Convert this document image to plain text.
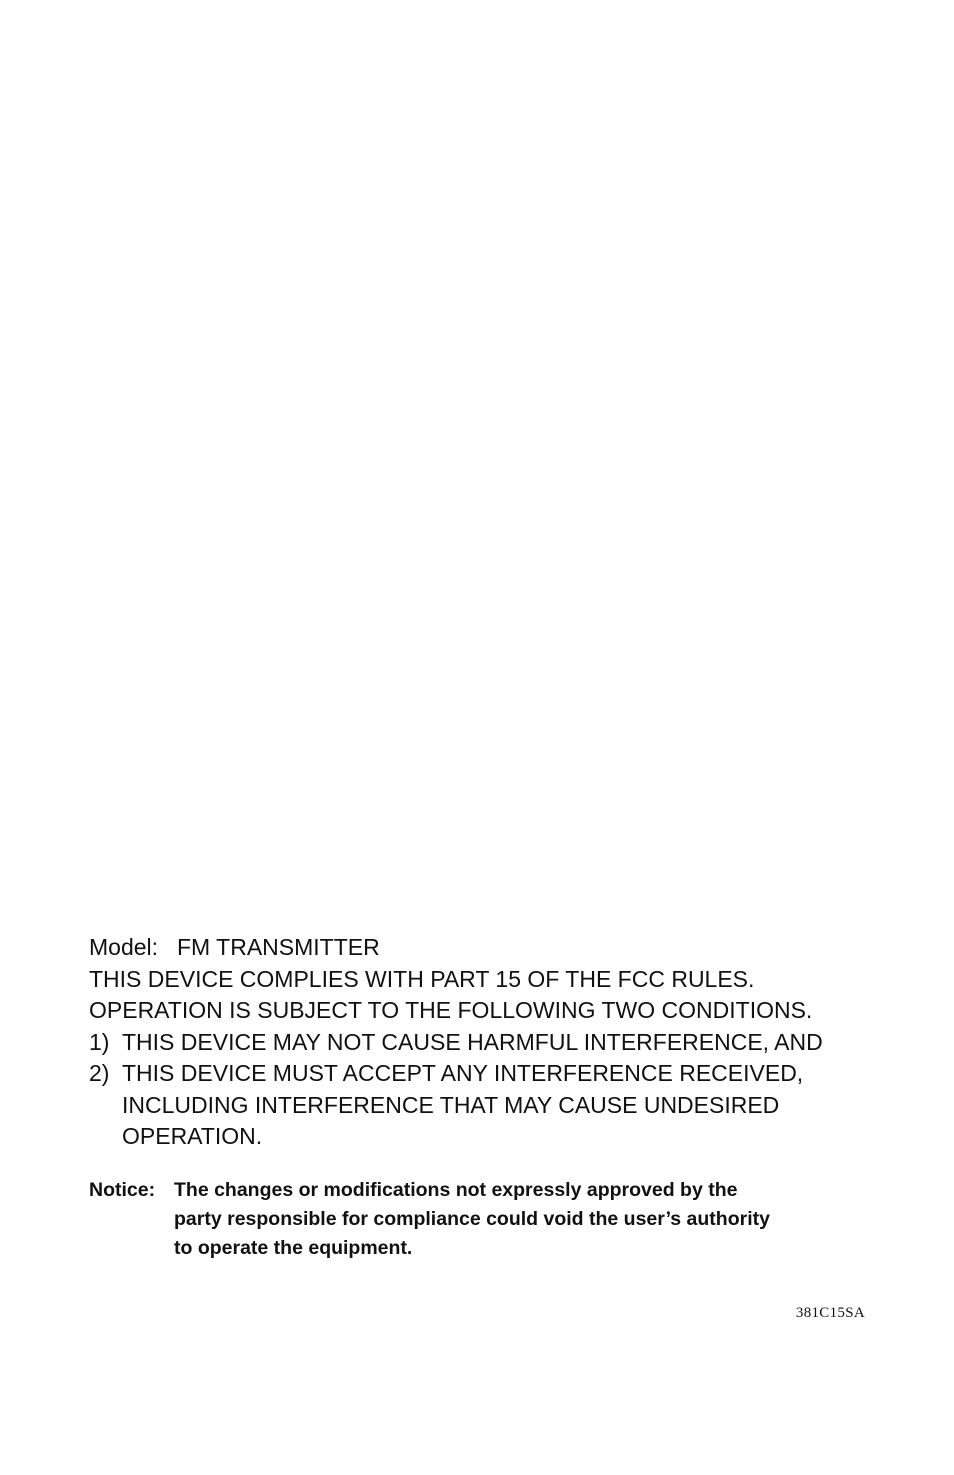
Model: FM TRANSMITTER
THIS DEVICE COMPLIES WITH PART 15 OF THE FCC RULES.
OPERATION IS SUBJECT TO THE FOLLOWING TWO CONDITIONS.
1) THIS DEVICE MAY NOT CAUSE HARMFUL INTERFERENCE, AND
2) THIS DEVICE MUST ACCEPT ANY INTERFERENCE RECEIVED,
INCLUDING INTERFERENCE THAT MAY CAUSE UNDESIRED
OPERATION.
Notice: The changes or modifications not expressly approved by the
party responsible for compliance could void the user’s authority
to operate the equipment.
381C15SA
